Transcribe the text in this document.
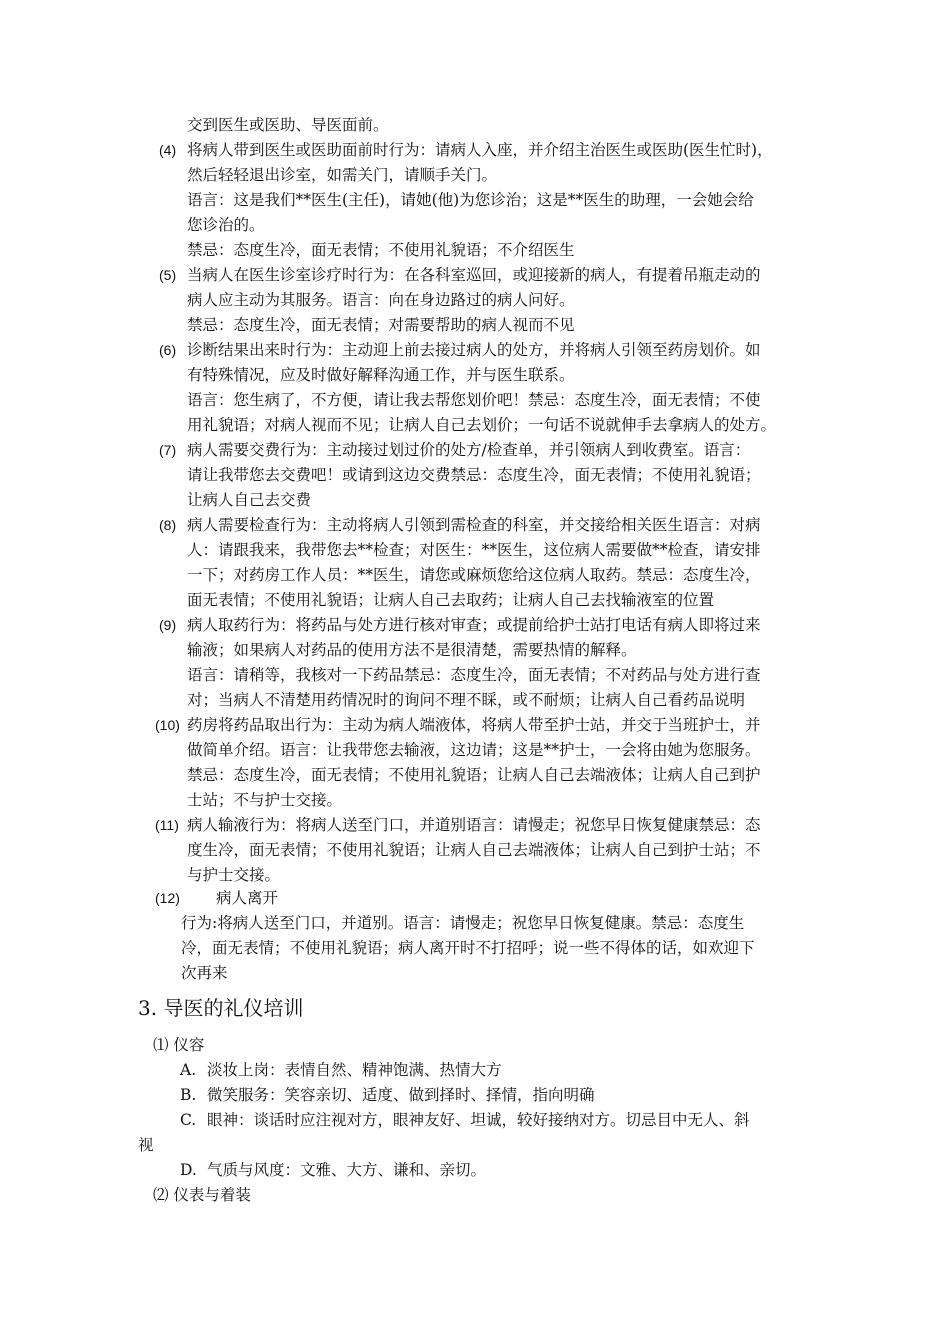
交到医生或医助、导医面前。
(4) 将病人带到医生或医助面前时行为：请病人入座，并介绍主治医生或医助(医生忙时)，
然后轻轻退出诊室，如需关门，请顺手关门。
语言：这是我们**医生(主任)，请她(他)为您诊治；这是**医生的助理，一会她会给
您诊治的。
禁忌：态度生冷，面无表情；不使用礼貌语；不介绍医生
(5) 当病人在医生诊室诊疗时行为：在各科室巡回，或迎接新的病人，有提着吊瓶走动的
病人应主动为其服务。语言：向在身边路过的病人问好。
禁忌：态度生冷，面无表情；对需要帮助的病人视而不见
(6) 诊断结果出来时行为：主动迎上前去接过病人的处方，并将病人引领至药房划价。如
有特殊情况，应及时做好解释沟通工作，并与医生联系。
语言：您生病了，不方便，请让我去帮您划价吧！禁忌：态度生冷，面无表情；不使
用礼貌语；对病人视而不见；让病人自己去划价；一句话不说就伸手去拿病人的处方。
(7) 病人需要交费行为：主动接过划过价的处方/检查单，并引领病人到收费室。语言：
请让我带您去交费吧！或请到这边交费禁忌：态度生冷，面无表情；不使用礼貌语；
让病人自己去交费
(8) 病人需要检查行为：主动将病人引领到需检查的科室，并交接给相关医生语言：对病
人：请跟我来，我带您去**检查；对医生：**医生，这位病人需要做**检查，请安排
一下；对药房工作人员：**医生，请您或麻烦您给这位病人取药。禁忌：态度生冷，
面无表情；不使用礼貌语；让病人自己去取药；让病人自己去找输液室的位置
(9) 病人取药行为：将药品与处方进行核对审查；或提前给护士站打电话有病人即将过来
输液；如果病人对药品的使用方法不是很清楚，需要热情的解释。
语言：请稍等，我核对一下药品禁忌：态度生冷，面无表情；不对药品与处方进行查
对；当病人不清楚用药情况时的询问不理不睬，或不耐烦；让病人自己看药品说明
(10) 药房将药品取出行为：主动为病人端液体，将病人带至护士站，并交于当班护士，并
做简单介绍。语言：让我带您去输液，这边请；这是**护士，一会将由她为您服务。
禁忌：态度生冷，面无表情；不使用礼貌语；让病人自己去端液体；让病人自己到护
士站；不与护士交接。
(11) 病人输液行为：将病人送至门口，并道别语言：请慢走；祝您早日恢复健康禁忌：态
度生冷，面无表情；不使用礼貌语；让病人自己去端液体；让病人自己到护士站；不
与护士交接。
(12) 病人离开
行为:将病人送至门口，并道别。语言：请慢走；祝您早日恢复健康。禁忌：态度生
冷，面无表情；不使用礼貌语；病人离开时不打招呼；说一些不得体的话，如欢迎下
次再来
3. 导医的礼仪培训
⑴ 仪容
A. 淡妆上岗：表情自然、精神饱满、热情大方
B. 微笑服务：笑容亲切、适度、做到择时、择情，指向明确
C. 眼神：谈话时应注视对方，眼神友好、坦诚，较好接纳对方。切忌目中无人、斜
视
D. 气质与风度：文雅、大方、谦和、亲切。
⑵ 仪表与着装
